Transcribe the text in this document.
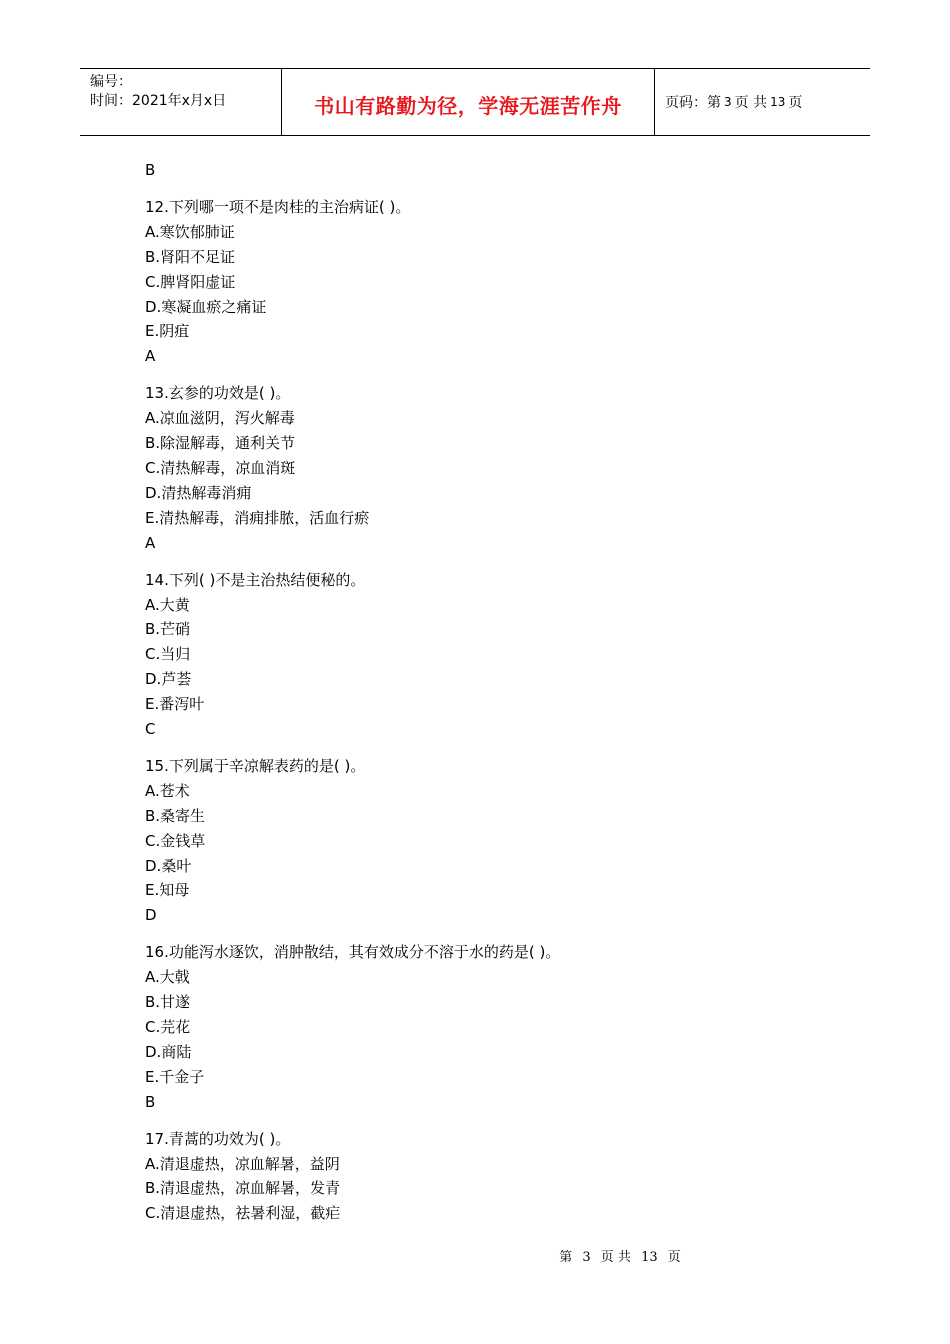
编号：
时间：2021年x月x日	书山有路勤为径，学海无涯苦作舟	页码：第 3 页 共 13 页
B
12.下列哪一项不是肉桂的主治病证( )。
A.寒饮郁肺证
B.肾阳不足证
C.脾肾阳虚证
D.寒凝血瘀之痛证
E.阴疽
A
13.玄参的功效是( )。
A.凉血滋阴，泻火解毒
B.除湿解毒，通利关节
C.清热解毒，凉血消斑
D.清热解毒消痈
E.清热解毒，消痈排脓，活血行瘀
A
14.下列( )不是主治热结便秘的。
A.大黄
B.芒硝
C.当归
D.芦荟
E.番泻叶
C
15.下列属于辛凉解表药的是( )。
A.苍术
B.桑寄生
C.金钱草
D.桑叶
E.知母
D
16.功能泻水逐饮，消肿散结，其有效成分不溶于水的药是( )。
A.大戟
B.甘遂
C.芫花
D.商陆
E.千金子
B
17.青蒿的功效为( )。
A.清退虚热，凉血解暑，益阴
B.清退虚热，凉血解暑，发青
C.清退虚热，祛暑利湿，截疟
第 3 页 共 13 页
